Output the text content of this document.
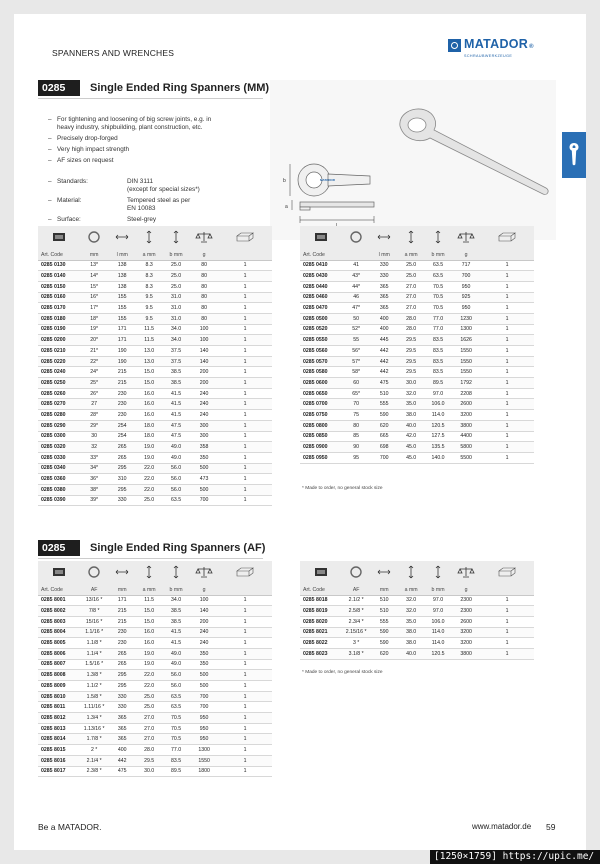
SPANNERS AND WRENCHES
MATADOR®
SCHRAUBWERKZEUGE
0285	Single Ended Ring Spanners (MM)
– For tightening and loosening of big screw joints, e.g. in heavy industry, shipbuilding, plant construction, etc.
– Precisely drop-forged
– Very high impact strength
– AF sizes on request
– Standards:	DIN 3111
(except for special sizes*)
– Material:	Tempered steel as per
EN 10083
– Surface:	Steel-grey
MATADOR
b
a

Art. Code	mm	l mm	a mm	b mm	g	
0285 0130	13*	138	8.3	25.0	80	1
0285 0140	14*	138	8.3	25.0	80	1
0285 0150	15*	138	8.3	25.0	80	1
0285 0160	16*	155	9.5	31.0	80	1
0285 0170	17*	155	9.5	31.0	80	1
0285 0180	18*	155	9.5	31.0	80	1
0285 0190	19*	171	11.5	34.0	100	1
0285 0200	20*	171	11.5	34.0	100	1
0285 0210	21*	190	13.0	37.5	140	1
0285 0220	22*	190	13.0	37.5	140	1
0285 0240	24*	215	15.0	38.5	200	1
0285 0250	25*	215	15.0	38.5	200	1
0285 0260	26*	230	16.0	41.5	240	1
0285 0270	27	230	16.0	41.5	240	1
0285 0280	28*	230	16.0	41.5	240	1
0285 0290	29*	254	18.0	47.5	300	1
0285 0300	30	254	18.0	47.5	300	1
0285 0320	32	265	19.0	49.0	358	1
0285 0330	33*	265	19.0	49.0	350	1
0285 0340	34*	295	22.0	56.0	500	1
0285 0360	36*	310	22.0	56.0	473	1
0285 0380	38*	295	22.0	56.0	500	1
0285 0390	39*	330	25.0	63.5	700	1

Art. Code		l mm	a mm	b mm	g	
0285 0410	41	330	25.0	63.5	717	1
0285 0430	43*	330	25.0	63.5	700	1
0285 0440	44*	365	27.0	70.5	950	1
0285 0460	46	365	27.0	70.5	925	1
0285 0470	47*	365	27.0	70.5	950	1
0285 0500	50	400	28.0	77.0	1230	1
0285 0520	52*	400	28.0	77.0	1300	1
0285 0550	55	445	29.5	83.5	1626	1
0285 0560	56*	442	29.5	83.5	1550	1
0285 0570	57*	442	29.5	83.5	1550	1
0285 0580	58*	442	29.5	83.5	1550	1
0285 0600	60	475	30.0	89.5	1792	1
0285 0650	65*	510	32.0	97.0	2208	1
0285 0700	70	555	35.0	106.0	2600	1
0285 0750	75	590	38.0	114.0	3200	1
0285 0800	80	620	40.0	120.5	3800	1
0285 0850	85	665	42.0	127.5	4400	1
0285 0900	90	698	45.0	135.5	5800	1
0285 0950	95	700	45.0	140.0	5500	1
* Made to order, no general stock size
0285	Single Ended Ring Spanners (AF)

Art. Code	AF	mm	a mm	b mm	g	
0285 8001	13/16 *	171	11.5	34.0	100	1
0285 8002	7/8 *	215	15.0	38.5	140	1
0285 8003	15/16 *	215	15.0	38.5	200	1
0285 8004	1.1/16 *	230	16.0	41.5	240	1
0285 8005	1.1/8 *	230	16.0	41.5	240	1
0285 8006	1.1/4 *	265	19.0	49.0	350	1
0285 8007	1.5/16 *	265	19.0	49.0	350	1
0285 8008	1.3/8 *	295	22.0	56.0	500	1
0285 8009	1.1/2 *	295	22.0	56.0	500	1
0285 8010	1.5/8 *	330	25.0	63.5	700	1
0285 8011	1.11/16 *	330	25.0	63.5	700	1
0285 8012	1.3/4 *	365	27.0	70.5	950	1
0285 8013	1.13/16 *	365	27.0	70.5	950	1
0285 8014	1.7/8 *	365	27.0	70.5	950	1
0285 8015	2 *	400	28.0	77.0	1300	1
0285 8016	2.1/4 *	442	29.5	83.5	1550	1
0285 8017	2.3/8 *	475	30.0	89.5	1800	1

Art. Code	AF	mm	a mm	b mm	g	
0285 8018	2.1/2 *	510	32.0	97.0	2300	1
0285 8019	2.5/8 *	510	32.0	97.0	2300	1
0285 8020	2.3/4 *	555	35.0	106.0	2600	1
0285 8021	2.15/16 *	590	38.0	114.0	3200	1
0285 8022	3 *	590	38.0	114.0	3200	1
0285 8023	3.1/8 *	620	40.0	120.5	3800	1
* Made to order, no general stock size
Be a MATADOR.	www.matador.de 59
[1250×1759] https://upic.me/
